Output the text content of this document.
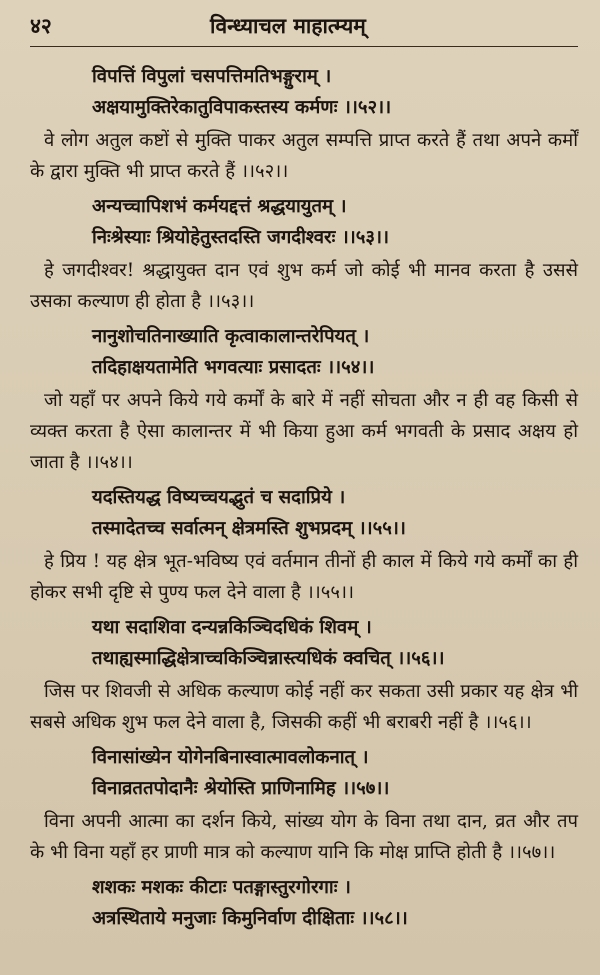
४२	विन्ध्याचल माहात्म्यम्
विपत्तिं विपुलां चसपत्तिमतिभङ्गुराम् ।
अक्षयामुक्तिरेकातुविपाकस्तस्य कर्मणः ।।५२।।
वे लोग अतुल कष्टों से मुक्ति पाकर अतुल सम्पत्ति प्राप्त करते हैं तथा अपने कर्मों के द्वारा मुक्ति भी प्राप्त करते हैं ।।५२।।
अन्यच्चापिशभं कर्मयद्दत्तं श्रद्धयायुतम् ।
निःश्रेस्याः श्रियोहेतुस्तदस्ति जगदीश्वरः ।।५३।।
हे जगदीश्वर! श्रद्धायुक्त दान एवं शुभ कर्म जो कोई भी मानव करता है उससे उसका कल्याण ही होता है ।।५३।।
नानुशोचतिनाख्याति कृत्वाकालान्तरेपियत् ।
तदिहाक्षयतामेति भगवत्याः प्रसादतः ।।५४।।
जो यहाँ पर अपने किये गये कर्मों के बारे में नहीं सोचता और न ही वह किसी से व्यक्त करता है ऐसा कालान्तर में भी किया हुआ कर्म भगवती के प्रसाद अक्षय हो जाता है ।।५४।।
यदस्तियद्ध विष्यच्चयद्भुतं च सदाप्रिये ।
तस्मादेतच्च सर्वात्मन् क्षेत्रमस्ति शुभप्रदम् ।।५५।।
हे प्रिय ! यह क्षेत्र भूत-भविष्य एवं वर्तमान तीनों ही काल में किये गये कर्मों का ही होकर सभी दृष्टि से पुण्य फल देने वाला है ।।५५।।
यथा सदाशिवा दन्यन्नकिञ्चिदधिकं शिवम् ।
तथाह्यस्माद्धिक्षेत्राच्चकिञ्चिन्नास्त्यधिकं क्वचित् ।।५६।।
जिस पर शिवजी से अधिक कल्याण कोई नहीं कर सकता उसी प्रकार यह क्षेत्र भी सबसे अधिक शुभ फल देने वाला है, जिसकी कहीं भी बराबरी नहीं है ।।५६।।
विनासांख्येन योगेनबिनास्वात्मावलोकनात् ।
विनाव्रततपोदानैः श्रेयोस्ति प्राणिनामिह ।।५७।।
विना अपनी आत्मा का दर्शन किये, सांख्य योग के विना तथा दान, व्रत और तप के भी विना यहाँ हर प्राणी मात्र को कल्याण यानि कि मोक्ष प्राप्ति होती है ।।५७।।
शशकः मशकः कीटाः पतङ्गास्तुरगोरगाः ।
अत्रस्थिताये मनुजाः किमुनिर्वाण दीक्षिताः ।।५८।।
